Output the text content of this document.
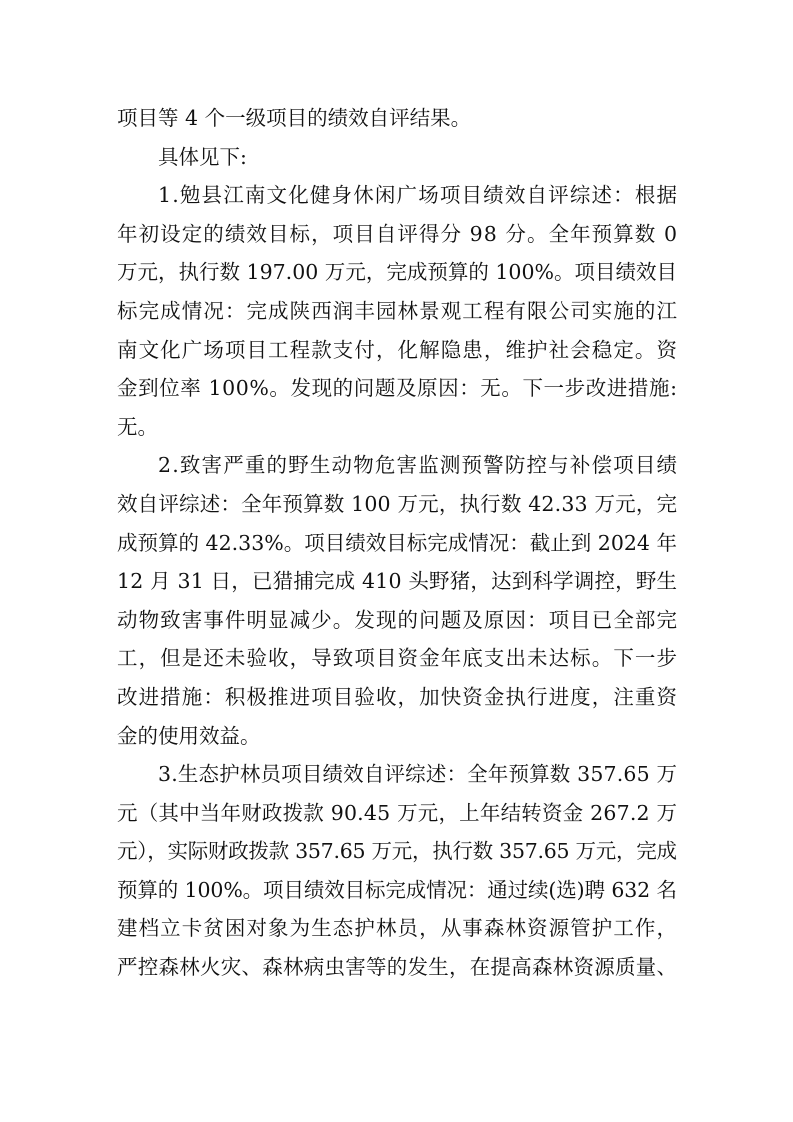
项目等 4 个一级项目的绩效自评结果。
具体见下:
1.勉县江南文化健身休闲广场项目绩效自评综述：根据
年初设定的绩效目标，项目自评得分 98 分。全年预算数 0
万元，执行数 197.00 万元，完成预算的 100%。项目绩效目
标完成情况：完成陕西润丰园林景观工程有限公司实施的江
南文化广场项目工程款支付，化解隐患，维护社会稳定。资
金到位率 100%。发现的问题及原因：无。下一步改进措施:
无。
2.致害严重的野生动物危害监测预警防控与补偿项目绩
效自评综述：全年预算数 100 万元，执行数 42.33 万元，完
成预算的 42.33%。项目绩效目标完成情况：截止到 2024 年
12 月 31 日，已猎捕完成 410 头野猪，达到科学调控，野生
动物致害事件明显减少。发现的问题及原因：项目已全部完
工，但是还未验收，导致项目资金年底支出未达标。下一步
改进措施：积极推进项目验收，加快资金执行进度，注重资
金的使用效益。
3.生态护林员项目绩效自评综述：全年预算数 357.65 万
元（其中当年财政拨款 90.45 万元，上年结转资金 267.2 万
元），实际财政拨款 357.65 万元，执行数 357.65 万元，完成
预算的 100%。项目绩效目标完成情况：通过续(选)聘 632 名
建档立卡贫困对象为生态护林员，从事森林资源管护工作，
严控森林火灾、森林病虫害等的发生，在提高森林资源质量、
